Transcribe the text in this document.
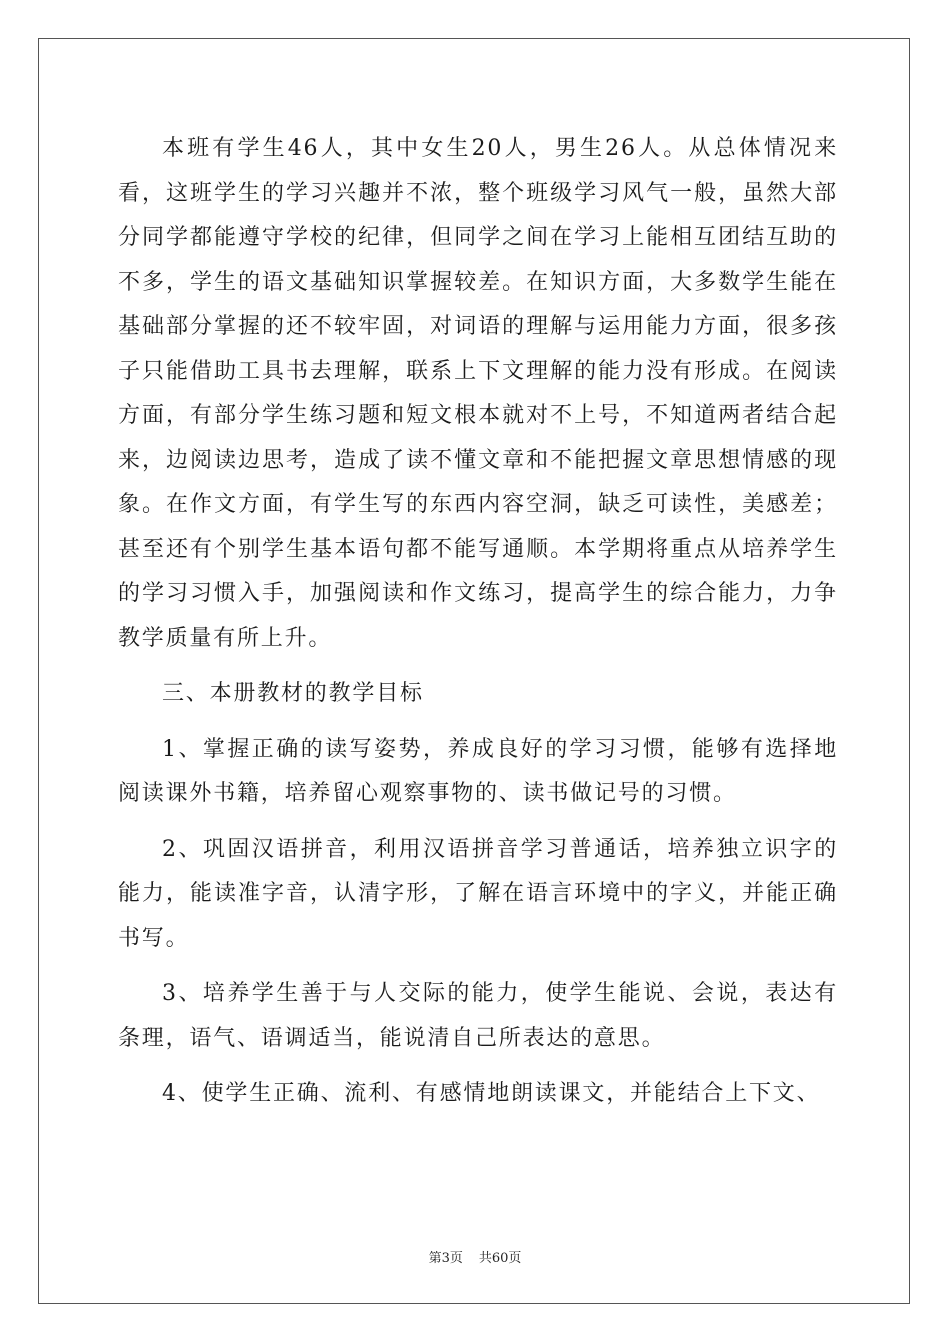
本班有学生46人，其中女生20人，男生26人。从总体情况来看，这班学生的学习兴趣并不浓，整个班级学习风气一般，虽然大部分同学都能遵守学校的纪律，但同学之间在学习上能相互团结互助的不多，学生的语文基础知识掌握较差。在知识方面，大多数学生能在基础部分掌握的还不较牢固，对词语的理解与运用能力方面，很多孩子只能借助工具书去理解，联系上下文理解的能力没有形成。在阅读方面，有部分学生练习题和短文根本就对不上号，不知道两者结合起来，边阅读边思考，造成了读不懂文章和不能把握文章思想情感的现象。在作文方面，有学生写的东西内容空洞，缺乏可读性，美感差；甚至还有个别学生基本语句都不能写通顺。本学期将重点从培养学生的学习习惯入手，加强阅读和作文练习，提高学生的综合能力，力争教学质量有所上升。

三、本册教材的教学目标

1、掌握正确的读写姿势，养成良好的学习习惯，能够有选择地阅读课外书籍，培养留心观察事物的、读书做记号的习惯。

2、巩固汉语拼音，利用汉语拼音学习普通话，培养独立识字的能力，能读准字音，认清字形，了解在语言环境中的字义，并能正确书写。

3、培养学生善于与人交际的能力，使学生能说、会说，表达有条理，语气、语调适当，能说清自己所表达的意思。

4、使学生正确、流利、有感情地朗读课文，并能结合上下文、

第3页 共60页
